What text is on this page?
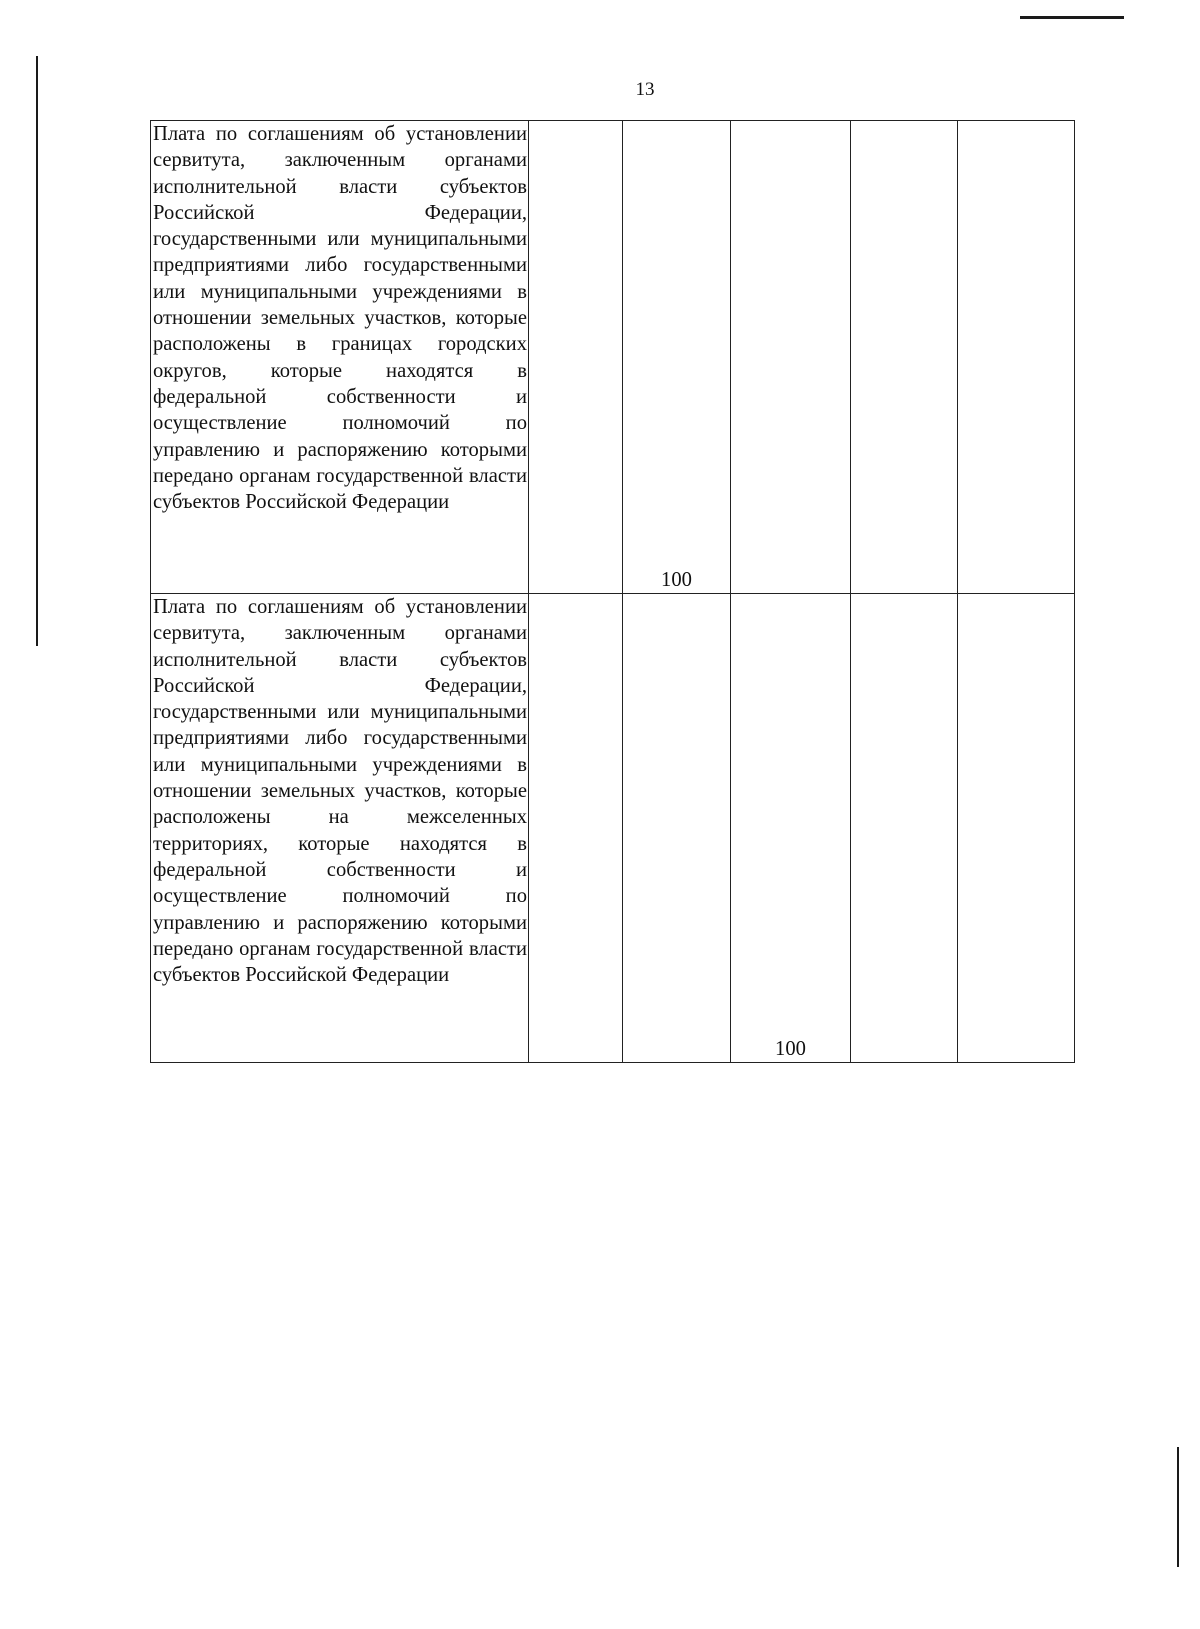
13
Плата по соглашениям об установлении сервитута, заключенным органами исполнительной власти субъектов Российской Федерации, государственными или муниципальными предприятиями либо государственными или муниципальными учреждениями в отношении земельных участков, которые расположены в границах городских округов, которые находятся в федеральной собственности и осуществление полномочий по управлению и распоряжению которыми передано органам государственной власти субъектов Российской Федерации		100			
Плата по соглашениям об установлении сервитута, заключенным органами исполнительной власти субъектов Российской Федерации, государственными или муниципальными предприятиями либо государственными или муниципальными учреждениями в отношении земельных участков, которые расположены на межселенных территориях, которые находятся в федеральной собственности и осуществление полномочий по управлению и распоряжению которыми передано органам государственной власти субъектов Российской Федерации			100		
